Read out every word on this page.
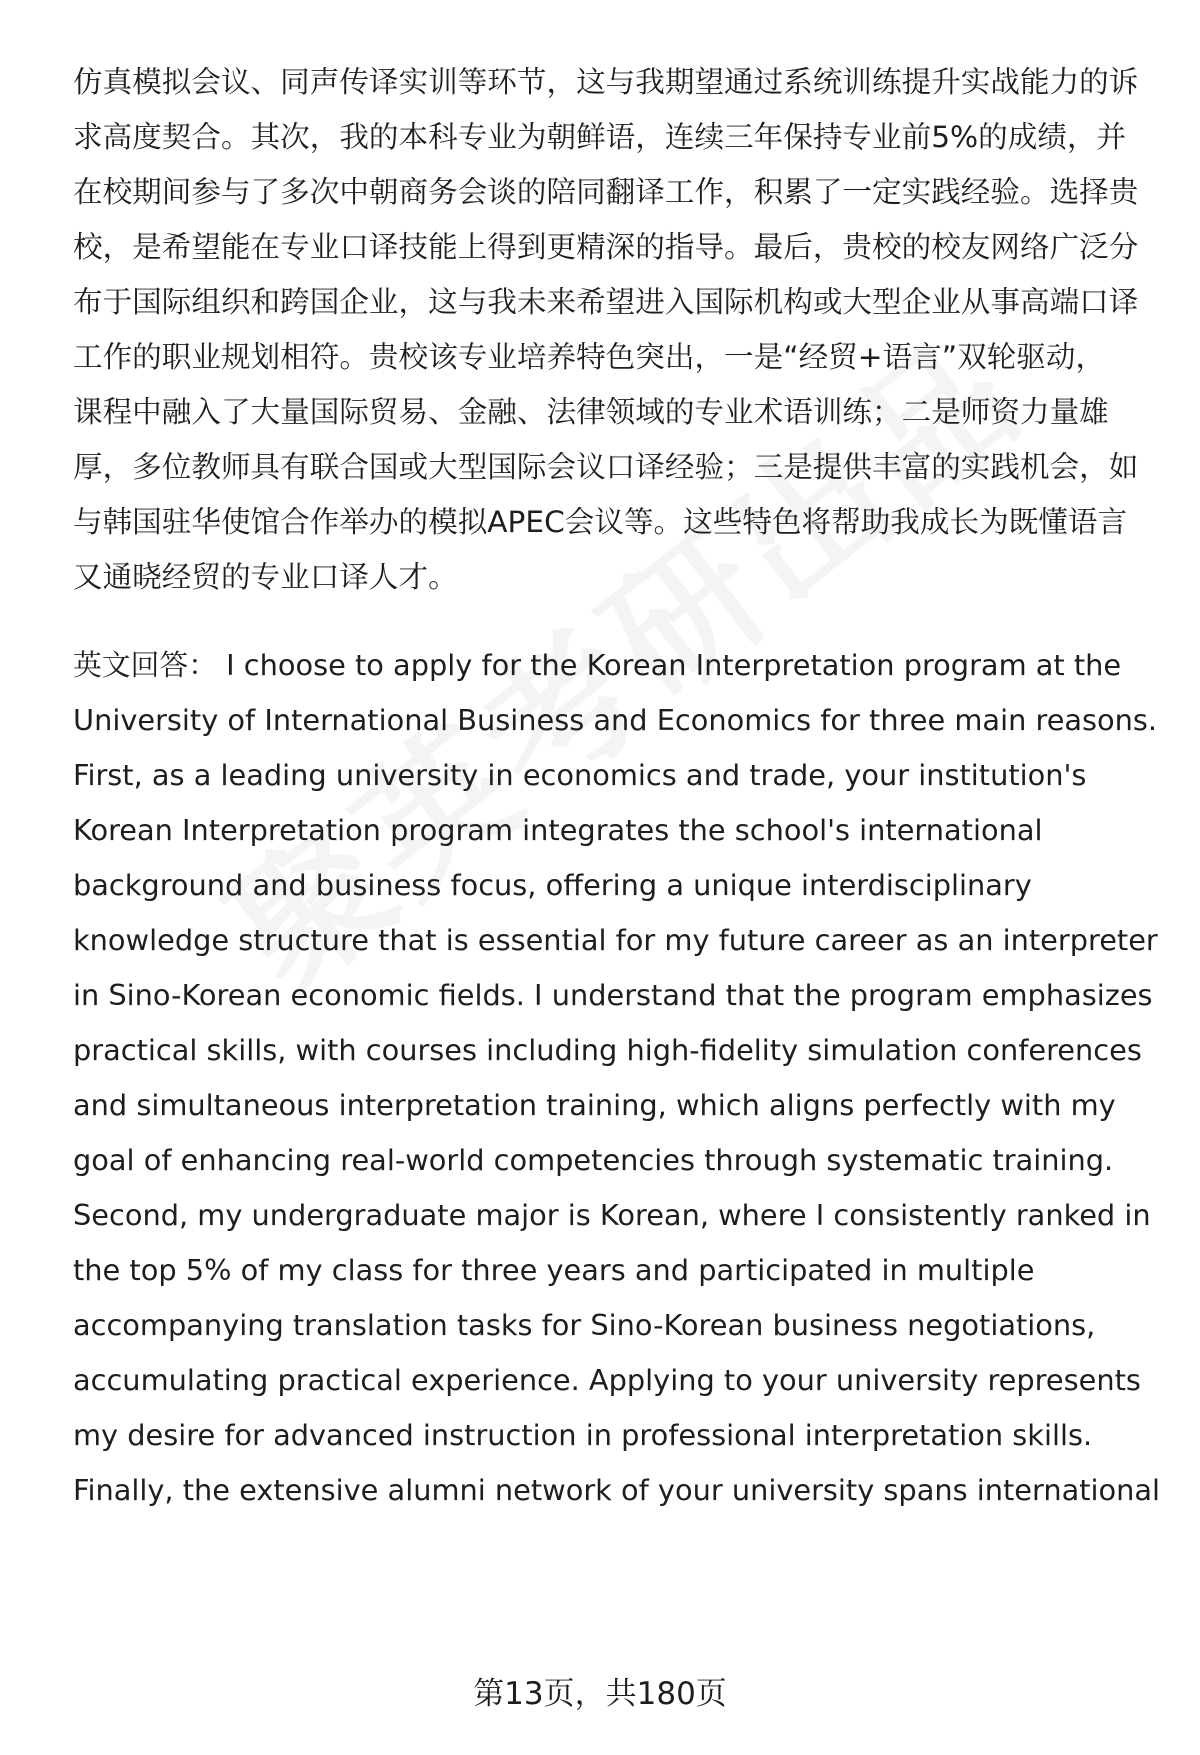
仿真模拟会议、同声传译实训等环节，这与我期望通过系统训练提升实战能力的诉
求高度契合。其次，我的本科专业为朝鲜语，连续三年保持专业前5%的成绩，并
在校期间参与了多次中朝商务会谈的陪同翻译工作，积累了一定实践经验。选择贵
校，是希望能在专业口译技能上得到更精深的指导。最后，贵校的校友网络广泛分
布于国际组织和跨国企业，这与我未来希望进入国际机构或大型企业从事高端口译
工作的职业规划相符。贵校该专业培养特色突出，一是“经贸+语言”双轮驱动，
课程中融入了大量国际贸易、金融、法律领域的专业术语训练；二是师资力量雄
厚，多位教师具有联合国或大型国际会议口译经验；三是提供丰富的实践机会，如
与韩国驻华使馆合作举办的模拟APEC会议等。这些特色将帮助我成长为既懂语言
又通晓经贸的专业口译人才。
英文回答： I choose to apply for the Korean Interpretation program at the
University of International Business and Economics for three main reasons.
First, as a leading university in economics and trade, your institution's
Korean Interpretation program integrates the school's international
background and business focus, offering a unique interdisciplinary
knowledge structure that is essential for my future career as an interpreter
in Sino-Korean economic fields. I understand that the program emphasizes
practical skills, with courses including high-fidelity simulation conferences
and simultaneous interpretation training, which aligns perfectly with my
goal of enhancing real-world competencies through systematic training.
Second, my undergraduate major is Korean, where I consistently ranked in
the top 5% of my class for three years and participated in multiple
accompanying translation tasks for Sino-Korean business negotiations,
accumulating practical experience. Applying to your university represents
my desire for advanced instruction in professional interpretation skills.
Finally, the extensive alumni network of your university spans international
第13页，共180页
